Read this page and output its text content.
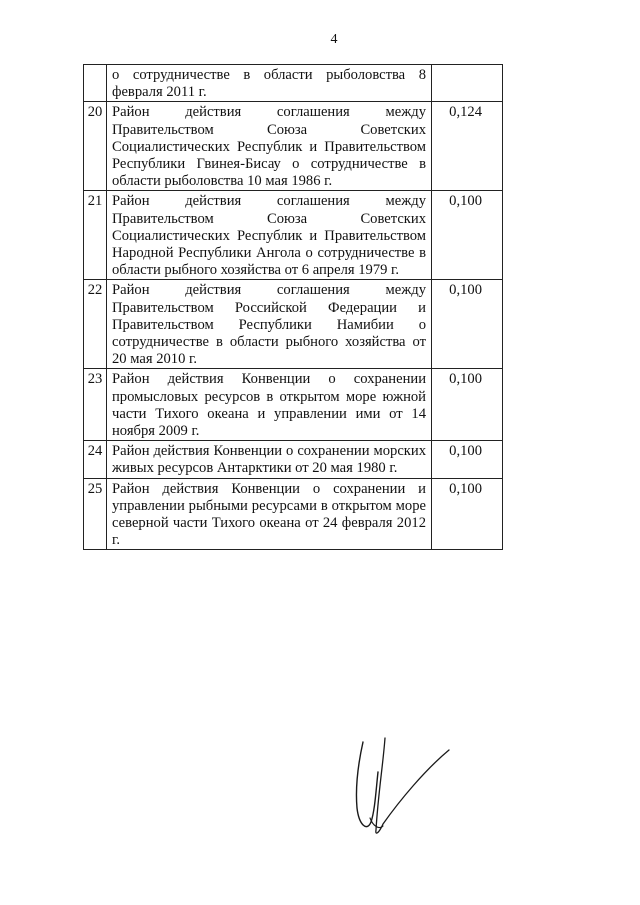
4
	о сотрудничестве в области рыболовства 8 февраля 2011 г.	
20	Район действия соглашения между Правительством Союза Советских Социалистических Республик и Правительством Республики Гвинея-Бисау о сотрудничестве в области рыболовства 10 мая 1986 г.	0,124
21	Район действия соглашения между Правительством Союза Советских Социалистических Республик и Правительством Народной Республики Ангола о сотрудничестве в области рыбного хозяйства от 6 апреля 1979 г.	0,100
22	Район действия соглашения между Правительством Российской Федерации и Правительством Республики Намибии о сотрудничестве в области рыбного хозяйства от 20 мая 2010 г.	0,100
23	Район действия Конвенции о сохранении промысловых ресурсов в открытом море южной части Тихого океана и управлении ими от 14 ноября 2009 г.	0,100
24	Район действия Конвенции о сохранении морских живых ресурсов Антарктики от 20 мая 1980 г.	0,100
25	Район действия Конвенции о сохранении и управлении рыбными ресурсами в открытом море северной части Тихого океана от 24 февраля 2012 г.	0,100
